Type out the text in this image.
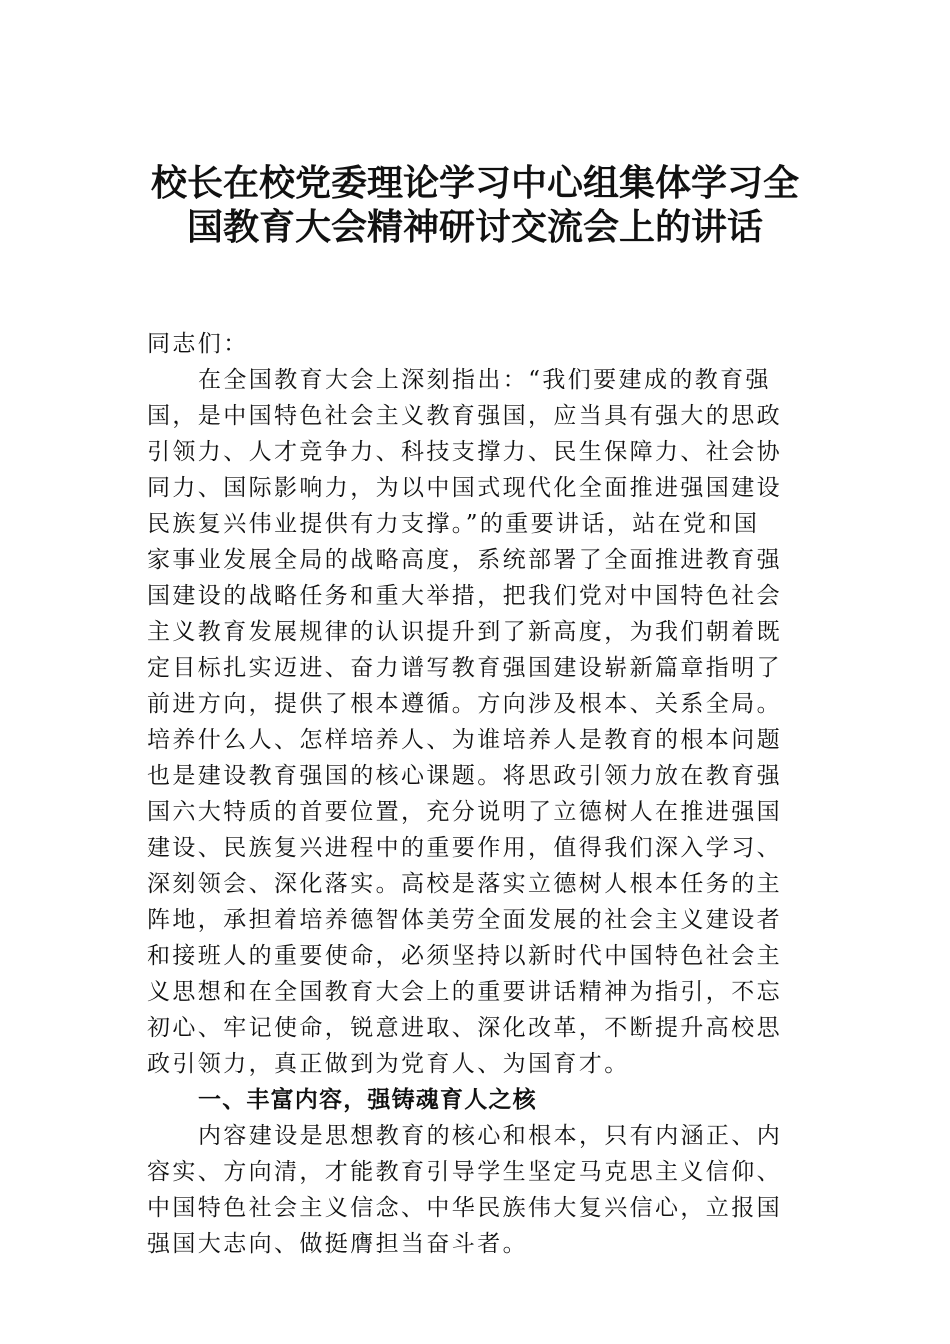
校长在校党委理论学习中心组集体学习全
国教育大会精神研讨交流会上的讲话
同志们：
在全国教育大会上深刻指出：“我们要建成的教育强
国，是中国特色社会主义教育强国，应当具有强大的思政
引领力、人才竞争力、科技支撑力、民生保障力、社会协
同力、国际影响力，为以中国式现代化全面推进强国建设
民族复兴伟业提供有力支撑。”的重要讲话，站在党和国
家事业发展全局的战略高度，系统部署了全面推进教育强
国建设的战略任务和重大举措，把我们党对中国特色社会
主义教育发展规律的认识提升到了新高度，为我们朝着既
定目标扎实迈进、奋力谱写教育强国建设崭新篇章指明了
前进方向，提供了根本遵循。方向涉及根本、关系全局。
培养什么人、怎样培养人、为谁培养人是教育的根本问题
也是建设教育强国的核心课题。将思政引领力放在教育强
国六大特质的首要位置，充分说明了立德树人在推进强国
建设、民族复兴进程中的重要作用，值得我们深入学习、
深刻领会、深化落实。高校是落实立德树人根本任务的主
阵地，承担着培养德智体美劳全面发展的社会主义建设者
和接班人的重要使命，必须坚持以新时代中国特色社会主
义思想和在全国教育大会上的重要讲话精神为指引，不忘
初心、牢记使命，锐意进取、深化改革，不断提升高校思
政引领力，真正做到为党育人、为国育才。
一、丰富内容，强铸魂育人之核
内容建设是思想教育的核心和根本，只有内涵正、内
容实、方向清，才能教育引导学生坚定马克思主义信仰、
中国特色社会主义信念、中华民族伟大复兴信心，立报国
强国大志向、做挺膺担当奋斗者。
